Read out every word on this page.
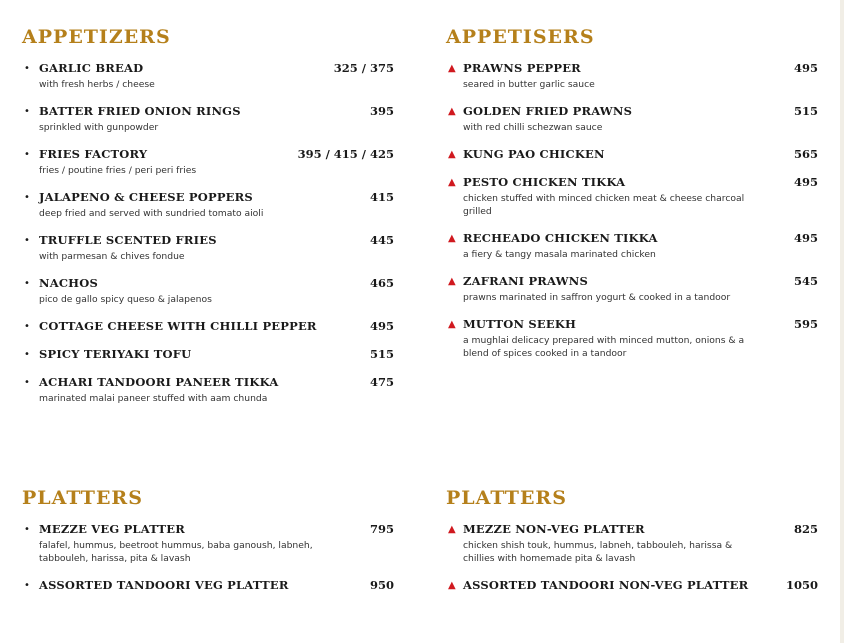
APPETIZERS
• GARLIC BREAD	325 / 375
with fresh herbs / cheese
• BATTER FRIED ONION RINGS	395
sprinkled with gunpowder
• FRIES FACTORY	395 / 415 / 425
fries / poutine fries / peri peri fries
• JALAPENO & CHEESE POPPERS	415
deep fried and served with sundried tomato aioli
• TRUFFLE SCENTED FRIES	445
with parmesan & chives fondue
• NACHOS	465
pico de gallo spicy queso & jalapenos
• COTTAGE CHEESE WITH CHILLI PEPPER	495
• SPICY TERIYAKI TOFU	515
• ACHARI TANDOORI PANEER TIKKA	475
marinated malai paneer stuffed with aam chunda
APPETISERS
▲ PRAWNS PEPPER	495
seared in butter garlic sauce
▲ GOLDEN FRIED PRAWNS	515
with red chilli schezwan sauce
▲ KUNG PAO CHICKEN	565
▲ PESTO CHICKEN TIKKA	495
chicken stuffed with minced chicken meat & cheese charcoal grilled
▲ RECHEADO CHICKEN TIKKA	495
a fiery & tangy masala marinated chicken
▲ ZAFRANI PRAWNS	545
prawns marinated in saffron yogurt & cooked in a tandoor
▲ MUTTON SEEKH	595
a mughlai delicacy prepared with minced mutton, onions & a blend of spices cooked in a tandoor
PLATTERS
• MEZZE VEG PLATTER	795
falafel, hummus, beetroot hummus, baba ganoush, labneh, tabbouleh, harissa, pita & lavash
• ASSORTED TANDOORI VEG PLATTER	950
PLATTERS
▲ MEZZE NON-VEG PLATTER	825
chicken shish touk, hummus, labneh, tabbouleh, harissa & chillies with homemade pita & lavash
▲ ASSORTED TANDOORI NON-VEG PLATTER	1050
